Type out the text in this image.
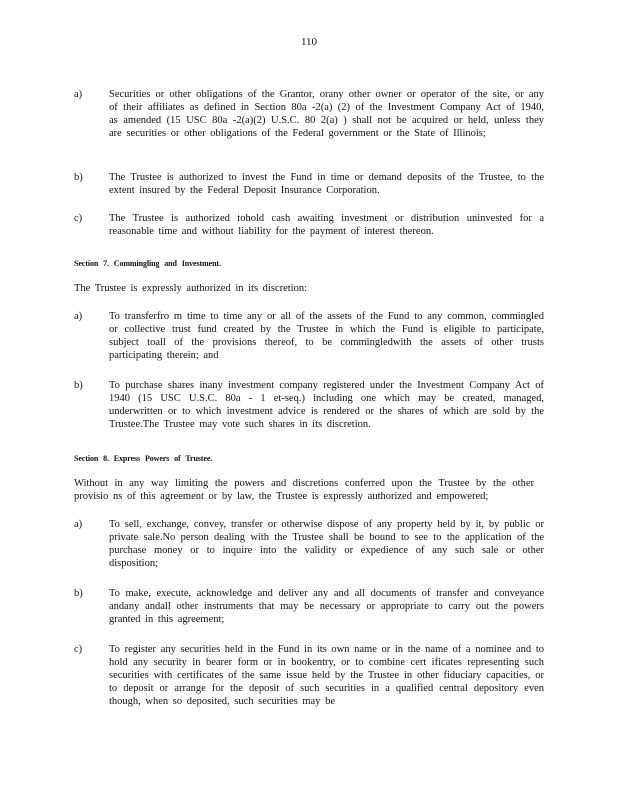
110
a)	Securities or other obligations of the Grantor, orany other owner or operator of the site, or any of their affiliates as defined in Section 80a -2(a) (2) of the Investment Company Act of 1940, as amended (15 USC 80a -2(a)(2) U.S.C. 80 2(a) ) shall not be acquired or held, unless they are securities or other obligations of the Federal government or the State of Illinois;
b)	The Trustee is authorized to invest the Fund in time or demand deposits of the Trustee, to the extent insured by the Federal Deposit Insurance Corporation.
c)	The Trustee is authorized tohold cash awaiting investment or distribution uninvested for a reasonable time and without liability for the payment of interest thereon.
Section 7. Commingling and Investment.
The Trustee is expressly authorized in its discretion:
a)	To transferfro m time to time any or all of the assets of the Fund to any common, commingled or collective trust fund created by the Trustee in which the Fund is eligible to participate, subject toall of the provisions thereof, to be commingledwith the assets of other trusts participating therein; and
b)	To purchase shares inany investment company registered under the Investment Company Act of 1940 (15 USC U.S.C. 80a - 1 et-seq.) including one which may be created, managed, underwritten or to which investment advice is rendered or the shares of which are sold by the Trustee.The Trustee may vote such shares in its discretion.
Section 8. Express Powers of Trustee.
Without in any way limiting the powers and discretions conferred upon the Trustee by the other provisio ns of this agreement or by law, the Trustee is expressly authorized and empowered;
a)	To sell, exchange, convey, transfer or otherwise dispose of any property held by it, by public or private sale.No person dealing with the Trustee shall be bound to see to the application of the purchase money or to inquire into the validity or expedience of any such sale or other disposition;
b)	To make, execute, acknowledge and deliver any and all documents of transfer and conveyance andany andall other instruments that may be necessary or appropriate to carry out the powers granted in this agreement;
c)	To register any securities held in the Fund in its own name or in the name of a nominee and to hold any security in bearer form or in bookentry, or to combine cert ificates representing such securities with certificates of the same issue held by the Trustee in other fiduciary capacities, or to deposit or arrange for the deposit of such securities in a qualified central depository even though, when so deposited, such securities may be
